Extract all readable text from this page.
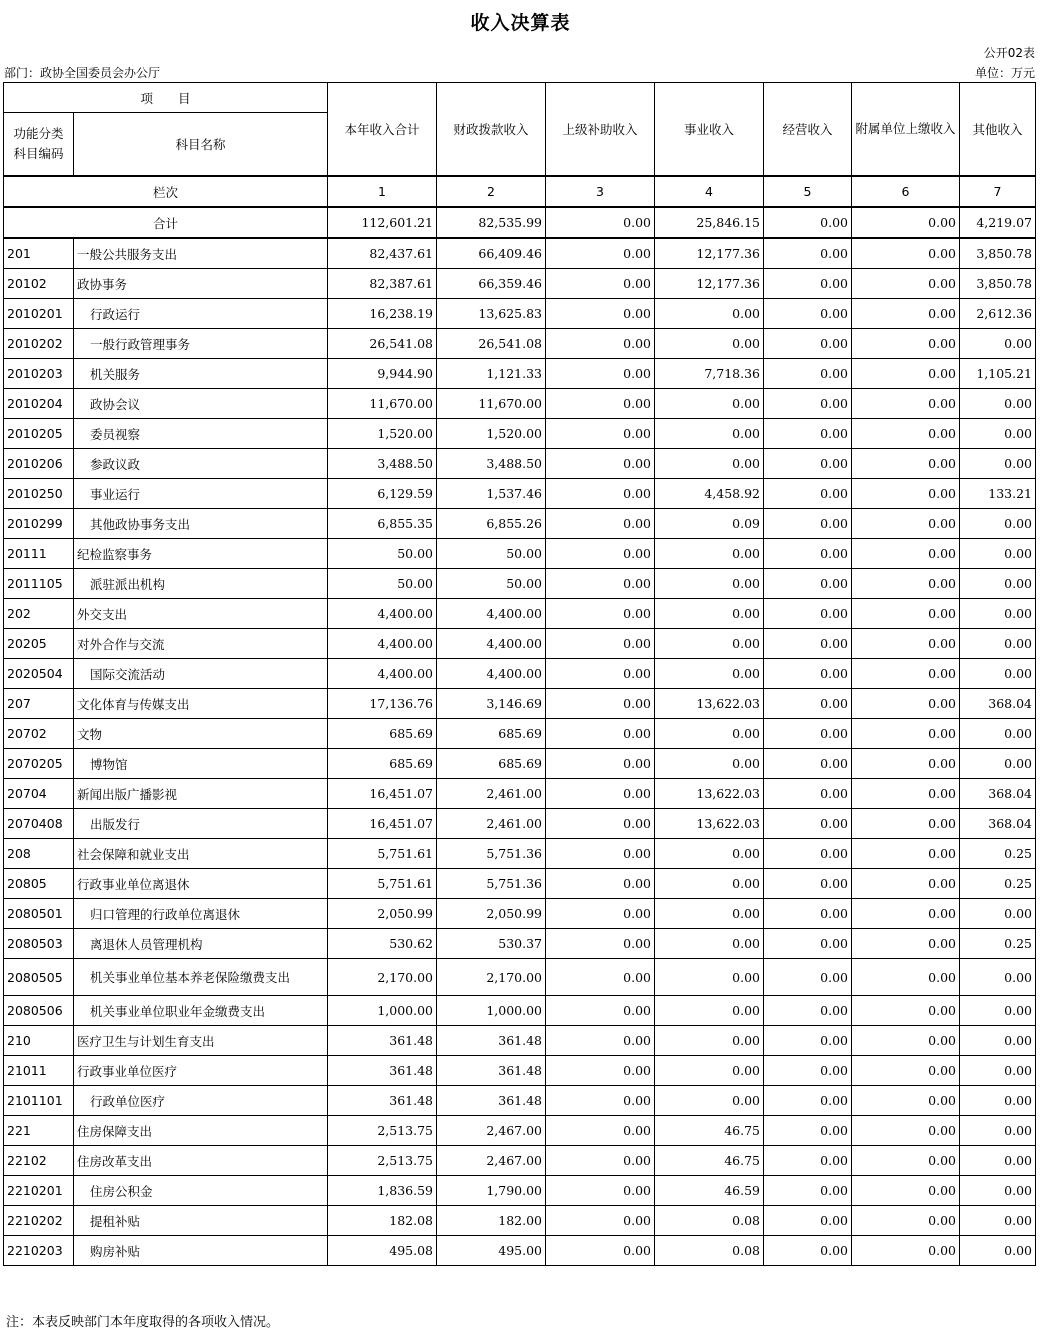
收入决算表
公开02表
部门：政协全国委员会办公厅	单位：万元
项　　目		本年收入合计	财政拨款收入	上级补助收入	事业收入	经营收入	附属单位上缴收入	其他收入
功能分类
科目编码	科目名称							
栏次		1	2	3	4	5	6	7
合计		112,601.21	82,535.99	0.00	25,846.15	0.00	0.00	4,219.07
201	一般公共服务支出	82,437.61	66,409.46	0.00	12,177.36	0.00	0.00	3,850.78
20102	政协事务	82,387.61	66,359.46	0.00	12,177.36	0.00	0.00	3,850.78
2010201	行政运行	16,238.19	13,625.83	0.00	0.00	0.00	0.00	2,612.36
2010202	一般行政管理事务	26,541.08	26,541.08	0.00	0.00	0.00	0.00	0.00
2010203	机关服务	9,944.90	1,121.33	0.00	7,718.36	0.00	0.00	1,105.21
2010204	政协会议	11,670.00	11,670.00	0.00	0.00	0.00	0.00	0.00
2010205	委员视察	1,520.00	1,520.00	0.00	0.00	0.00	0.00	0.00
2010206	参政议政	3,488.50	3,488.50	0.00	0.00	0.00	0.00	0.00
2010250	事业运行	6,129.59	1,537.46	0.00	4,458.92	0.00	0.00	133.21
2010299	其他政协事务支出	6,855.35	6,855.26	0.00	0.09	0.00	0.00	0.00
20111	纪检监察事务	50.00	50.00	0.00	0.00	0.00	0.00	0.00
2011105	派驻派出机构	50.00	50.00	0.00	0.00	0.00	0.00	0.00
202	外交支出	4,400.00	4,400.00	0.00	0.00	0.00	0.00	0.00
20205	对外合作与交流	4,400.00	4,400.00	0.00	0.00	0.00	0.00	0.00
2020504	国际交流活动	4,400.00	4,400.00	0.00	0.00	0.00	0.00	0.00
207	文化体育与传媒支出	17,136.76	3,146.69	0.00	13,622.03	0.00	0.00	368.04
20702	文物	685.69	685.69	0.00	0.00	0.00	0.00	0.00
2070205	博物馆	685.69	685.69	0.00	0.00	0.00	0.00	0.00
20704	新闻出版广播影视	16,451.07	2,461.00	0.00	13,622.03	0.00	0.00	368.04
2070408	出版发行	16,451.07	2,461.00	0.00	13,622.03	0.00	0.00	368.04
208	社会保障和就业支出	5,751.61	5,751.36	0.00	0.00	0.00	0.00	0.25
20805	行政事业单位离退休	5,751.61	5,751.36	0.00	0.00	0.00	0.00	0.25
2080501	归口管理的行政单位离退休	2,050.99	2,050.99	0.00	0.00	0.00	0.00	0.00
2080503	离退休人员管理机构	530.62	530.37	0.00	0.00	0.00	0.00	0.25
2080505	机关事业单位基本养老保险缴费支出	2,170.00	2,170.00	0.00	0.00	0.00	0.00	0.00
2080506	机关事业单位职业年金缴费支出	1,000.00	1,000.00	0.00	0.00	0.00	0.00	0.00
210	医疗卫生与计划生育支出	361.48	361.48	0.00	0.00	0.00	0.00	0.00
21011	行政事业单位医疗	361.48	361.48	0.00	0.00	0.00	0.00	0.00
2101101	行政单位医疗	361.48	361.48	0.00	0.00	0.00	0.00	0.00
221	住房保障支出	2,513.75	2,467.00	0.00	46.75	0.00	0.00	0.00
22102	住房改革支出	2,513.75	2,467.00	0.00	46.75	0.00	0.00	0.00
2210201	住房公积金	1,836.59	1,790.00	0.00	46.59	0.00	0.00	0.00
2210202	提租补贴	182.08	182.00	0.00	0.08	0.00	0.00	0.00
2210203	购房补贴	495.08	495.00	0.00	0.08	0.00	0.00	0.00
注：本表反映部门本年度取得的各项收入情况。
